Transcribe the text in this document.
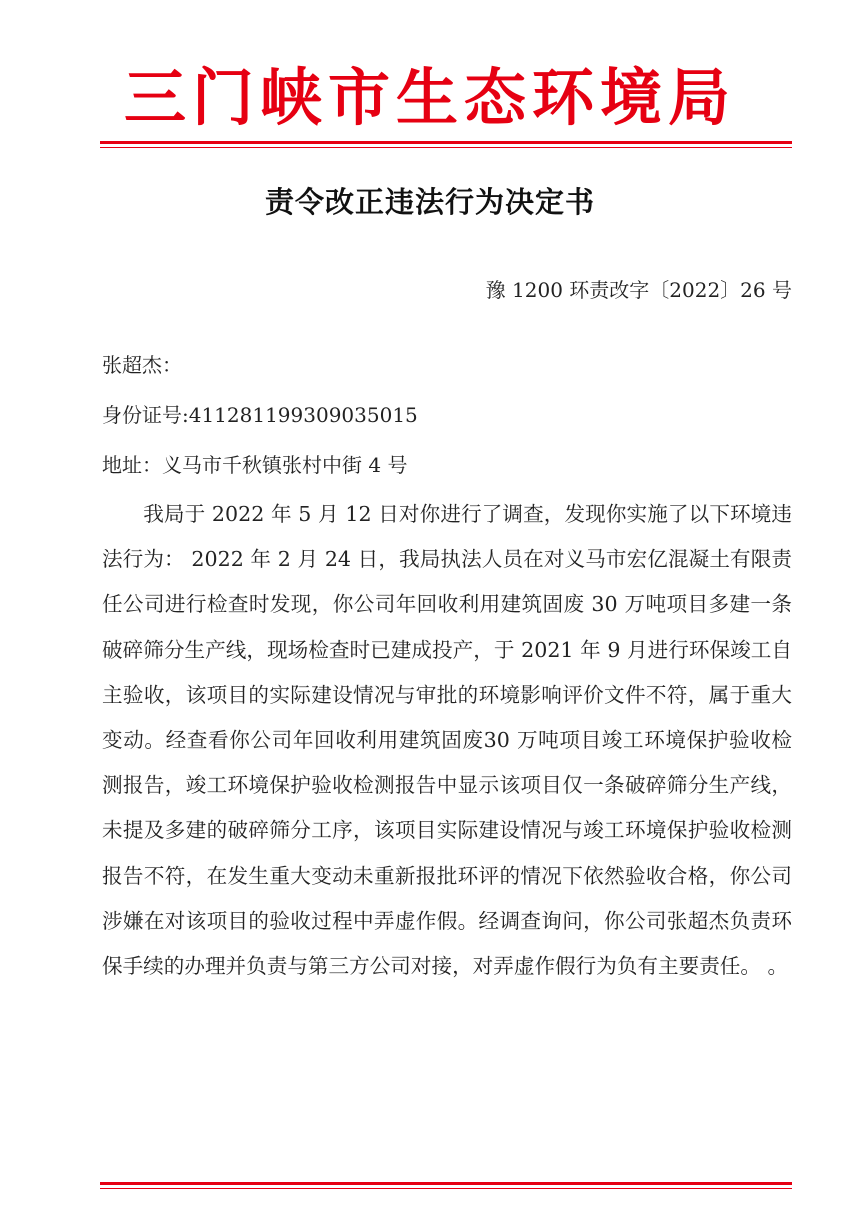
三门峡市生态环境局
责令改正违法行为决定书
豫 1200 环责改字〔2022〕26 号
张超杰：
身份证号:411281199309035015
地址：义马市千秋镇张村中街 4 号

我局于 2022 年 5 月 12 日对你进行了调查，发现你实施了以下环境违法行为： 2022 年 2 月 24 日，我局执法人员在对义马市宏亿混凝土有限责任公司进行检查时发现，你公司年回收利用建筑固废 30 万吨项目多建一条破碎筛分生产线，现场检查时已建成投产，于 2021 年 9 月进行环保竣工自主验收，该项目的实际建设情况与审批的环境影响评价文件不符，属于重大变动。经查看你公司年回收利用建筑固废30 万吨项目竣工环境保护验收检测报告，竣工环境保护验收检测报告中显示该项目仅一条破碎筛分生产线，未提及多建的破碎筛分工序，该项目实际建设情况与竣工环境保护验收检测报告不符，在发生重大变动未重新报批环评的情况下依然验收合格，你公司涉嫌在对该项目的验收过程中弄虚作假。经调查询问，你公司张超杰负责环保手续的办理并负责与第三方公司对接，对弄虚作假行为负有主要责任。 。
